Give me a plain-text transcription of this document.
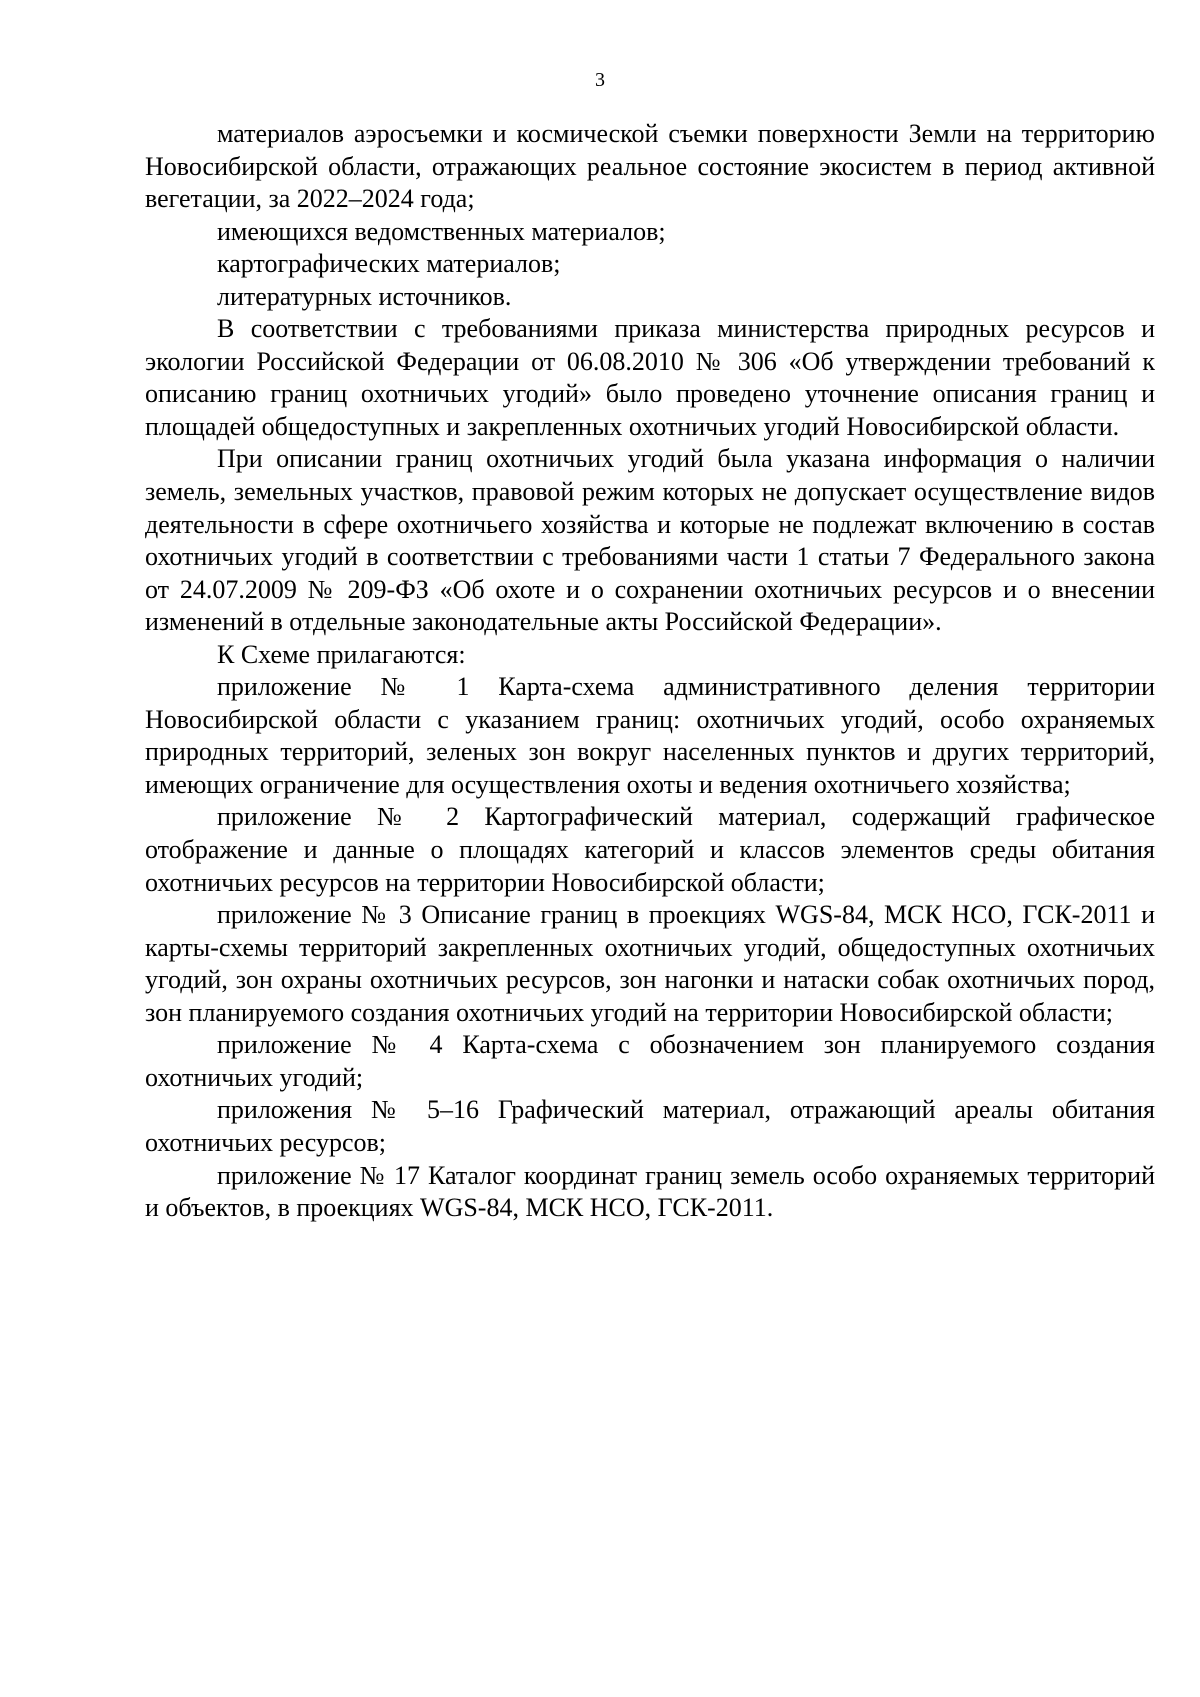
3

материалов аэросъемки и космической съемки поверхности Земли на территорию Новосибирской области, отражающих реальное состояние экосистем в период активной вегетации, за 2022–2024 года;

имеющихся ведомственных материалов;

картографических материалов;

литературных источников.

В соответствии с требованиями приказа министерства природных ресурсов и экологии Российской Федерации от 06.08.2010 № 306 «Об утверждении требований к описанию границ охотничьих угодий» было проведено уточнение описания границ и площадей общедоступных и закрепленных охотничьих угодий Новосибирской области.

При описании границ охотничьих угодий была указана информация о наличии земель, земельных участков, правовой режим которых не допускает осуществление видов деятельности в сфере охотничьего хозяйства и которые не подлежат включению в состав охотничьих угодий в соответствии с требованиями части 1 статьи 7 Федерального закона от 24.07.2009 № 209-ФЗ «Об охоте и о сохранении охотничьих ресурсов и о внесении изменений в отдельные законодательные акты Российской Федерации».

К Схеме прилагаются:

приложение № 1 Карта-схема административного деления территории Новосибирской области с указанием границ: охотничьих угодий, особо охраняемых природных территорий, зеленых зон вокруг населенных пунктов и других территорий, имеющих ограничение для осуществления охоты и ведения охотничьего хозяйства;

приложение № 2 Картографический материал, содержащий графическое отображение и данные о площадях категорий и классов элементов среды обитания охотничьих ресурсов на территории Новосибирской области;

приложение № 3 Описание границ в проекциях WGS-84, МСК НСО, ГСК-2011 и карты-схемы территорий закрепленных охотничьих угодий, общедоступных охотничьих угодий, зон охраны охотничьих ресурсов, зон нагонки и натаски собак охотничьих пород, зон планируемого создания охотничьих угодий на территории Новосибирской области;

приложение № 4 Карта-схема с обозначением зон планируемого создания охотничьих угодий;

приложения № 5–16 Графический материал, отражающий ареалы обитания охотничьих ресурсов;

приложение № 17 Каталог координат границ земель особо охраняемых территорий и объектов, в проекциях WGS-84, МСК НСО, ГСК-2011.
